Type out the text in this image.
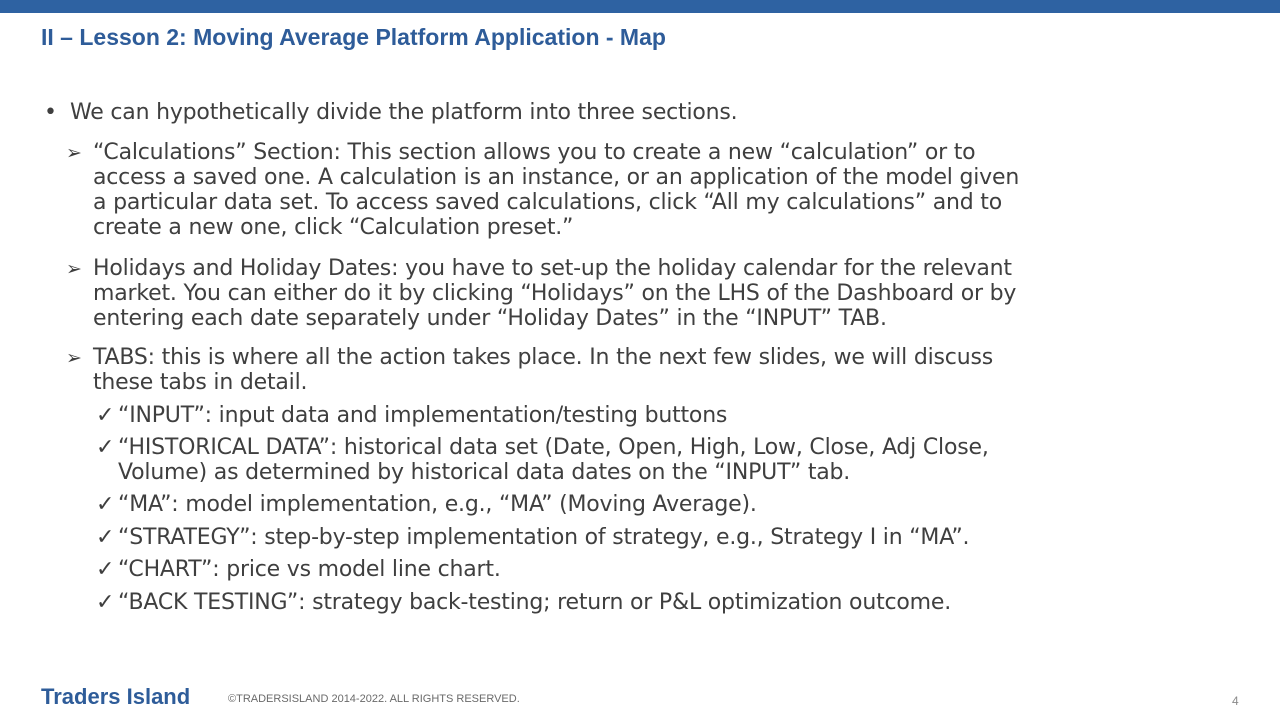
II – Lesson 2: Moving Average Platform Application - Map
• We can hypothetically divide the platform into three sections.
➢ “Calculations” Section: This section allows you to create a new “calculation” or to
access a saved one. A calculation is an instance, or an application of the model given
a particular data set. To access saved calculations, click “All my calculations” and to
create a new one, click “Calculation preset.”
➢ Holidays and Holiday Dates: you have to set-up the holiday calendar for the relevant
market. You can either do it by clicking “Holidays” on the LHS of the Dashboard or by
entering each date separately under “Holiday Dates” in the “INPUT” TAB.
➢ TABS: this is where all the action takes place. In the next few slides, we will discuss
these tabs in detail.
✓ “INPUT”: input data and implementation/testing buttons
✓ “HISTORICAL DATA”: historical data set (Date, Open, High, Low, Close, Adj Close,
Volume) as determined by historical data dates on the “INPUT” tab.
✓ “MA”: model implementation, e.g., “MA” (Moving Average).
✓ “STRATEGY”: step-by-step implementation of strategy, e.g., Strategy I in “MA”.
✓ “CHART”: price vs model line chart.
✓ “BACK TESTING”: strategy back-testing; return or P&L optimization outcome.
Traders Island	©TRADERSISLAND 2014-2022. ALL RIGHTS RESERVED.	4
